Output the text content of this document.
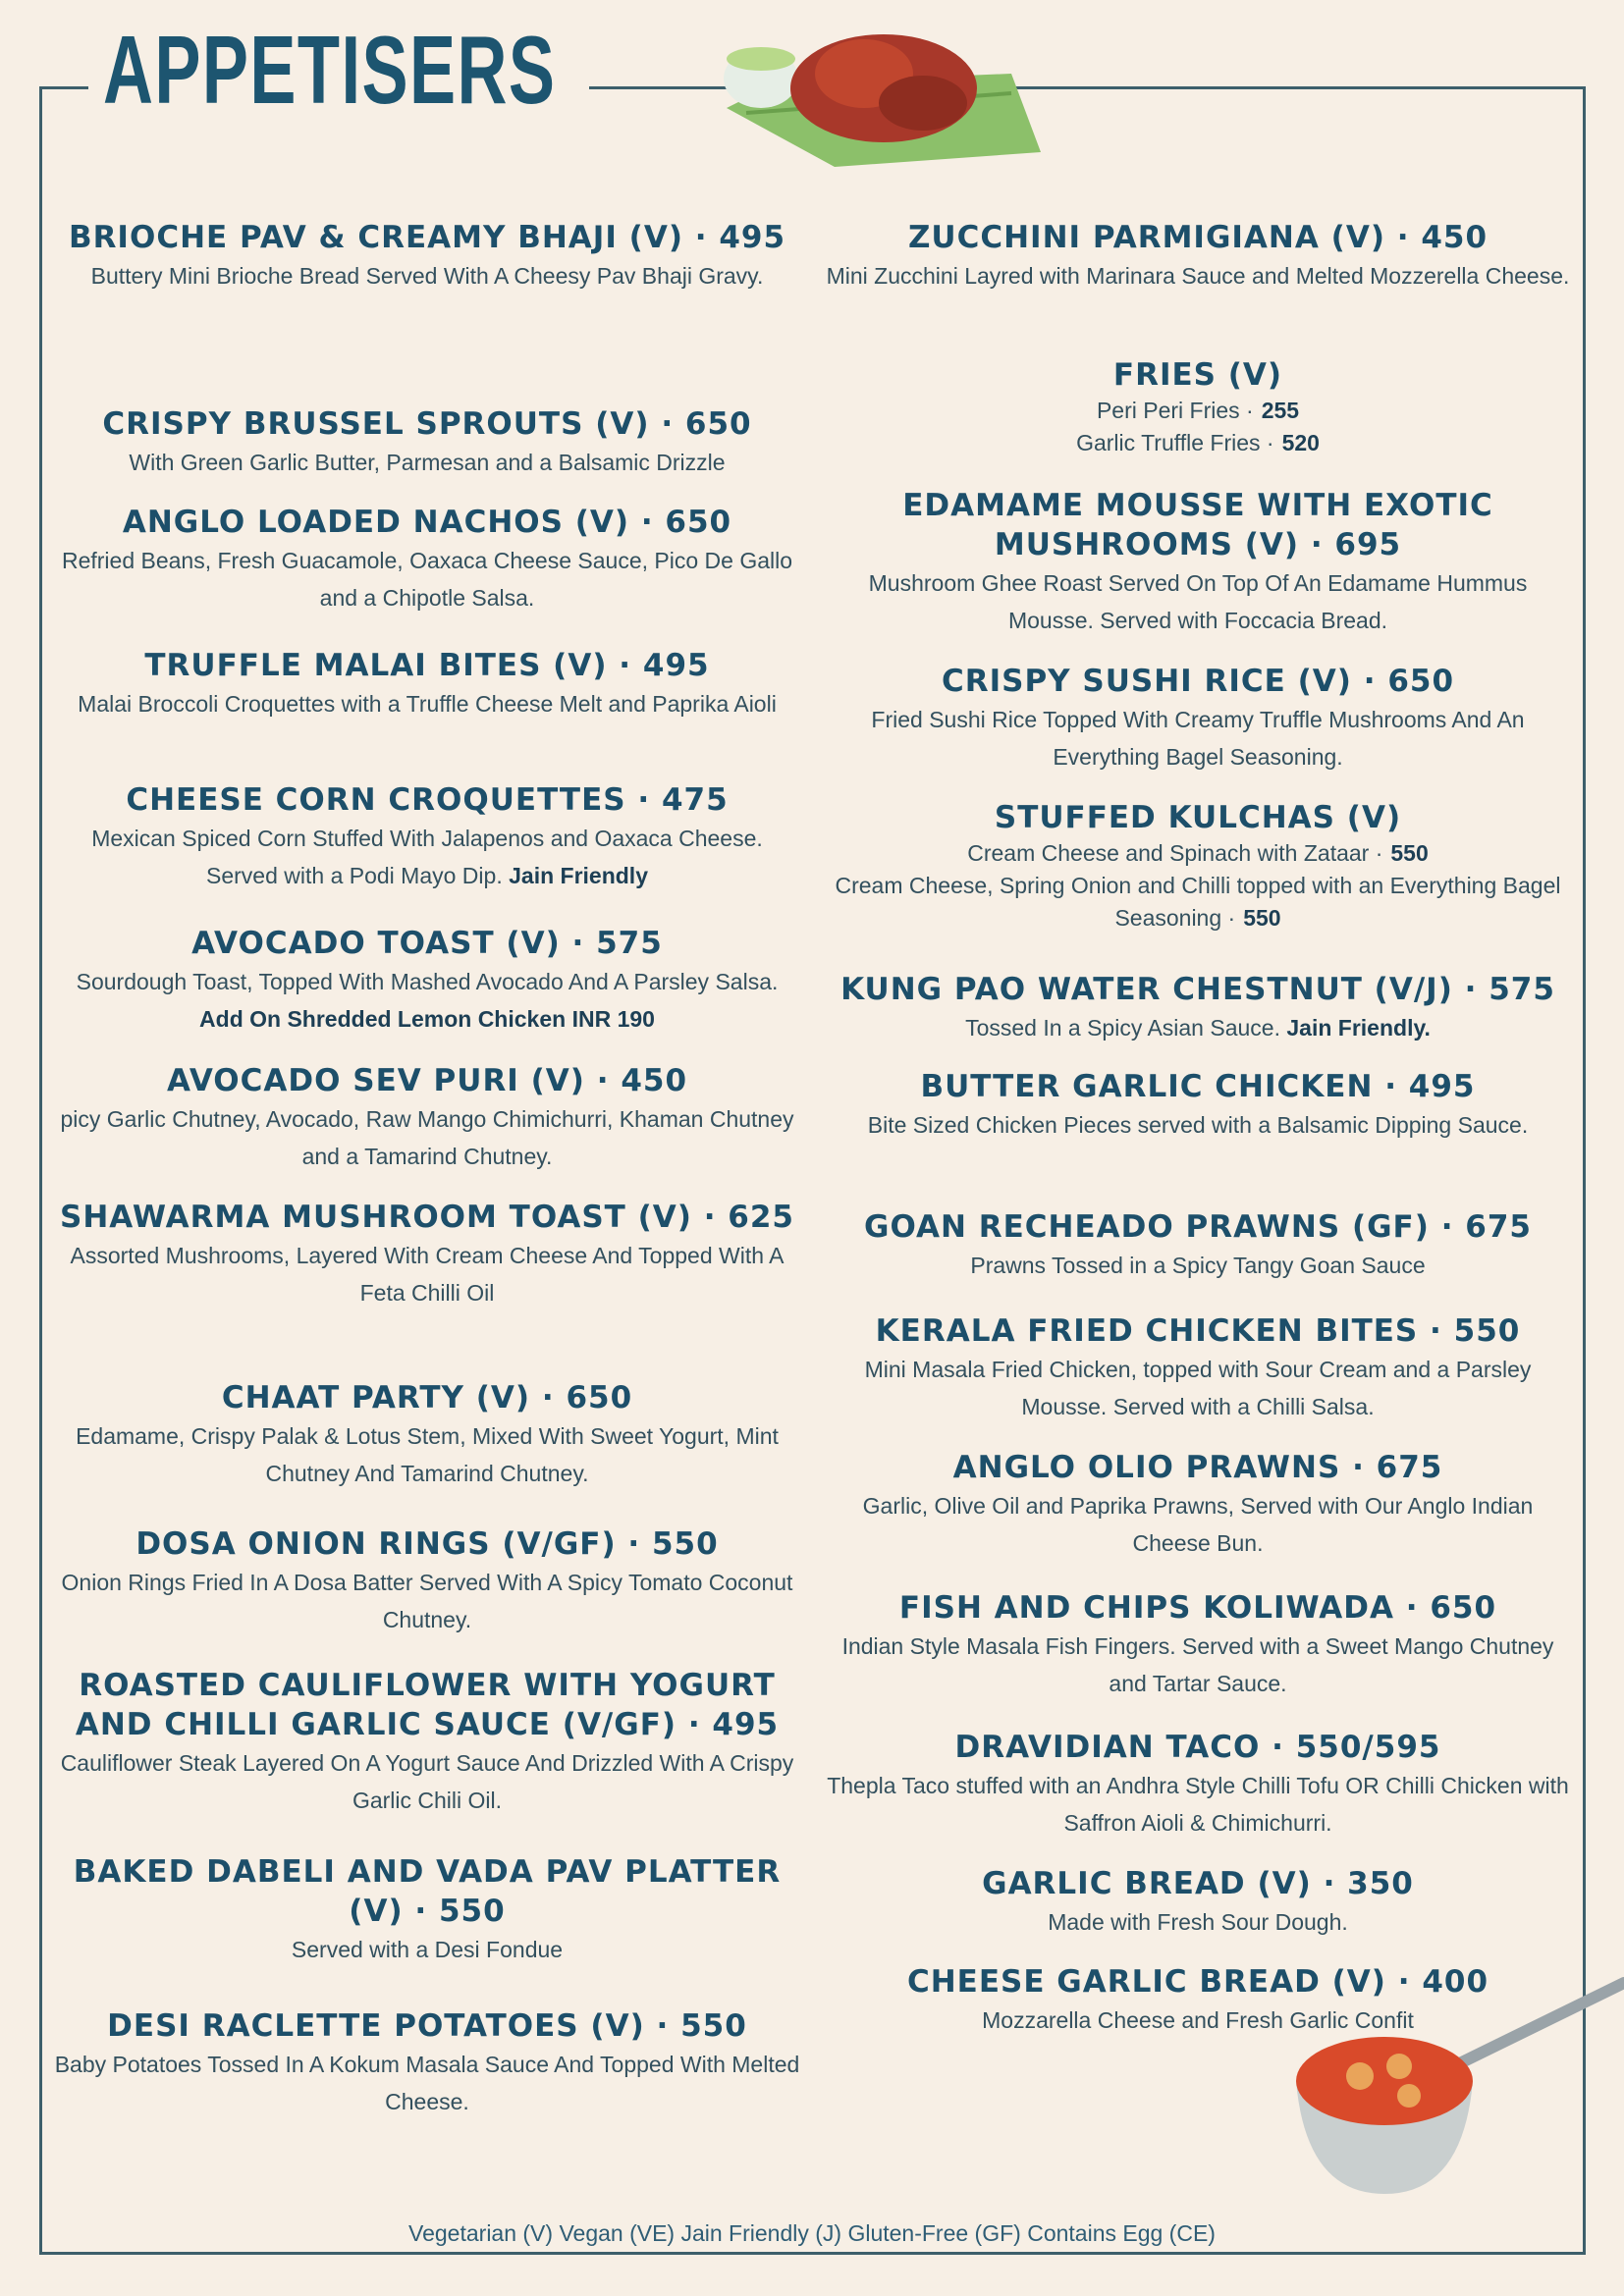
APPETISERS
BRIOCHE PAV & CREAMY BHAJI (V) · 495
Buttery Mini Brioche Bread Served With A Cheesy Pav Bhaji Gravy.
CRISPY BRUSSEL SPROUTS (V) · 650
With Green Garlic Butter, Parmesan and a Balsamic Drizzle
ANGLO LOADED NACHOS (V) · 650
Refried Beans, Fresh Guacamole, Oaxaca Cheese Sauce, Pico De Gallo and a Chipotle Salsa.
TRUFFLE MALAI BITES (V) · 495
Malai Broccoli Croquettes with a Truffle Cheese Melt and Paprika Aioli
CHEESE CORN CROQUETTES · 475
Mexican Spiced Corn Stuffed With Jalapenos and Oaxaca Cheese. Served with a Podi Mayo Dip. Jain Friendly
AVOCADO TOAST (V) · 575
Sourdough Toast, Topped With Mashed Avocado And A Parsley Salsa. Add On Shredded Lemon Chicken INR 190
AVOCADO SEV PURI (V) · 450
picy Garlic Chutney, Avocado, Raw Mango Chimichurri, Khaman Chutney and a Tamarind Chutney.
SHAWARMA MUSHROOM TOAST (V) · 625
Assorted Mushrooms, Layered With Cream Cheese And Topped With A Feta Chilli Oil
CHAAT PARTY (V) · 650
Edamame, Crispy Palak & Lotus Stem, Mixed With Sweet Yogurt, Mint Chutney And Tamarind Chutney.
DOSA ONION RINGS (V/GF) · 550
Onion Rings Fried In A Dosa Batter Served With A Spicy Tomato Coconut Chutney.
ROASTED CAULIFLOWER WITH YOGURT AND CHILLI GARLIC SAUCE (V/GF) · 495
Cauliflower Steak Layered On A Yogurt Sauce And Drizzled With A Crispy Garlic Chili Oil.
BAKED DABELI AND VADA PAV PLATTER (V) · 550
Served with a Desi Fondue
DESI RACLETTE POTATOES (V) · 550
Baby Potatoes Tossed In A Kokum Masala Sauce And Topped With Melted Cheese.
ZUCCHINI PARMIGIANA (V) · 450
Mini Zucchini Layred with Marinara Sauce and Melted Mozzerella Cheese.
FRIES (V)
Peri Peri Fries · 255
Garlic Truffle Fries · 520
EDAMAME MOUSSE WITH EXOTIC MUSHROOMS (V) · 695
Mushroom Ghee Roast Served On Top Of An Edamame Hummus Mousse. Served with Foccacia Bread.
CRISPY SUSHI RICE (V) · 650
Fried Sushi Rice Topped With Creamy Truffle Mushrooms And An Everything Bagel Seasoning.
STUFFED KULCHAS (V)
Cream Cheese and Spinach with Zataar · 550
Cream Cheese, Spring Onion and Chilli topped with an Everything Bagel Seasoning · 550
KUNG PAO WATER CHESTNUT (V/J) · 575
Tossed In a Spicy Asian Sauce. Jain Friendly.
BUTTER GARLIC CHICKEN · 495
Bite Sized Chicken Pieces served with a Balsamic Dipping Sauce.
GOAN RECHEADO PRAWNS (GF) · 675
Prawns Tossed in a Spicy Tangy Goan Sauce
KERALA FRIED CHICKEN BITES · 550
Mini Masala Fried Chicken, topped with Sour Cream and a Parsley Mousse. Served with a Chilli Salsa.
ANGLO OLIO PRAWNS · 675
Garlic, Olive Oil and Paprika Prawns, Served with Our Anglo Indian Cheese Bun.
FISH AND CHIPS KOLIWADA · 650
Indian Style Masala Fish Fingers. Served with a Sweet Mango Chutney and Tartar Sauce.
DRAVIDIAN TACO · 550/595
Thepla Taco stuffed with an Andhra Style Chilli Tofu OR Chilli Chicken with Saffron Aioli & Chimichurri.
GARLIC BREAD (V) · 350
Made with Fresh Sour Dough.
CHEESE GARLIC BREAD (V) · 400
Mozzarella Cheese and Fresh Garlic Confit
Vegetarian (V) Vegan (VE) Jain Friendly (J) Gluten-Free (GF) Contains Egg (CE)
